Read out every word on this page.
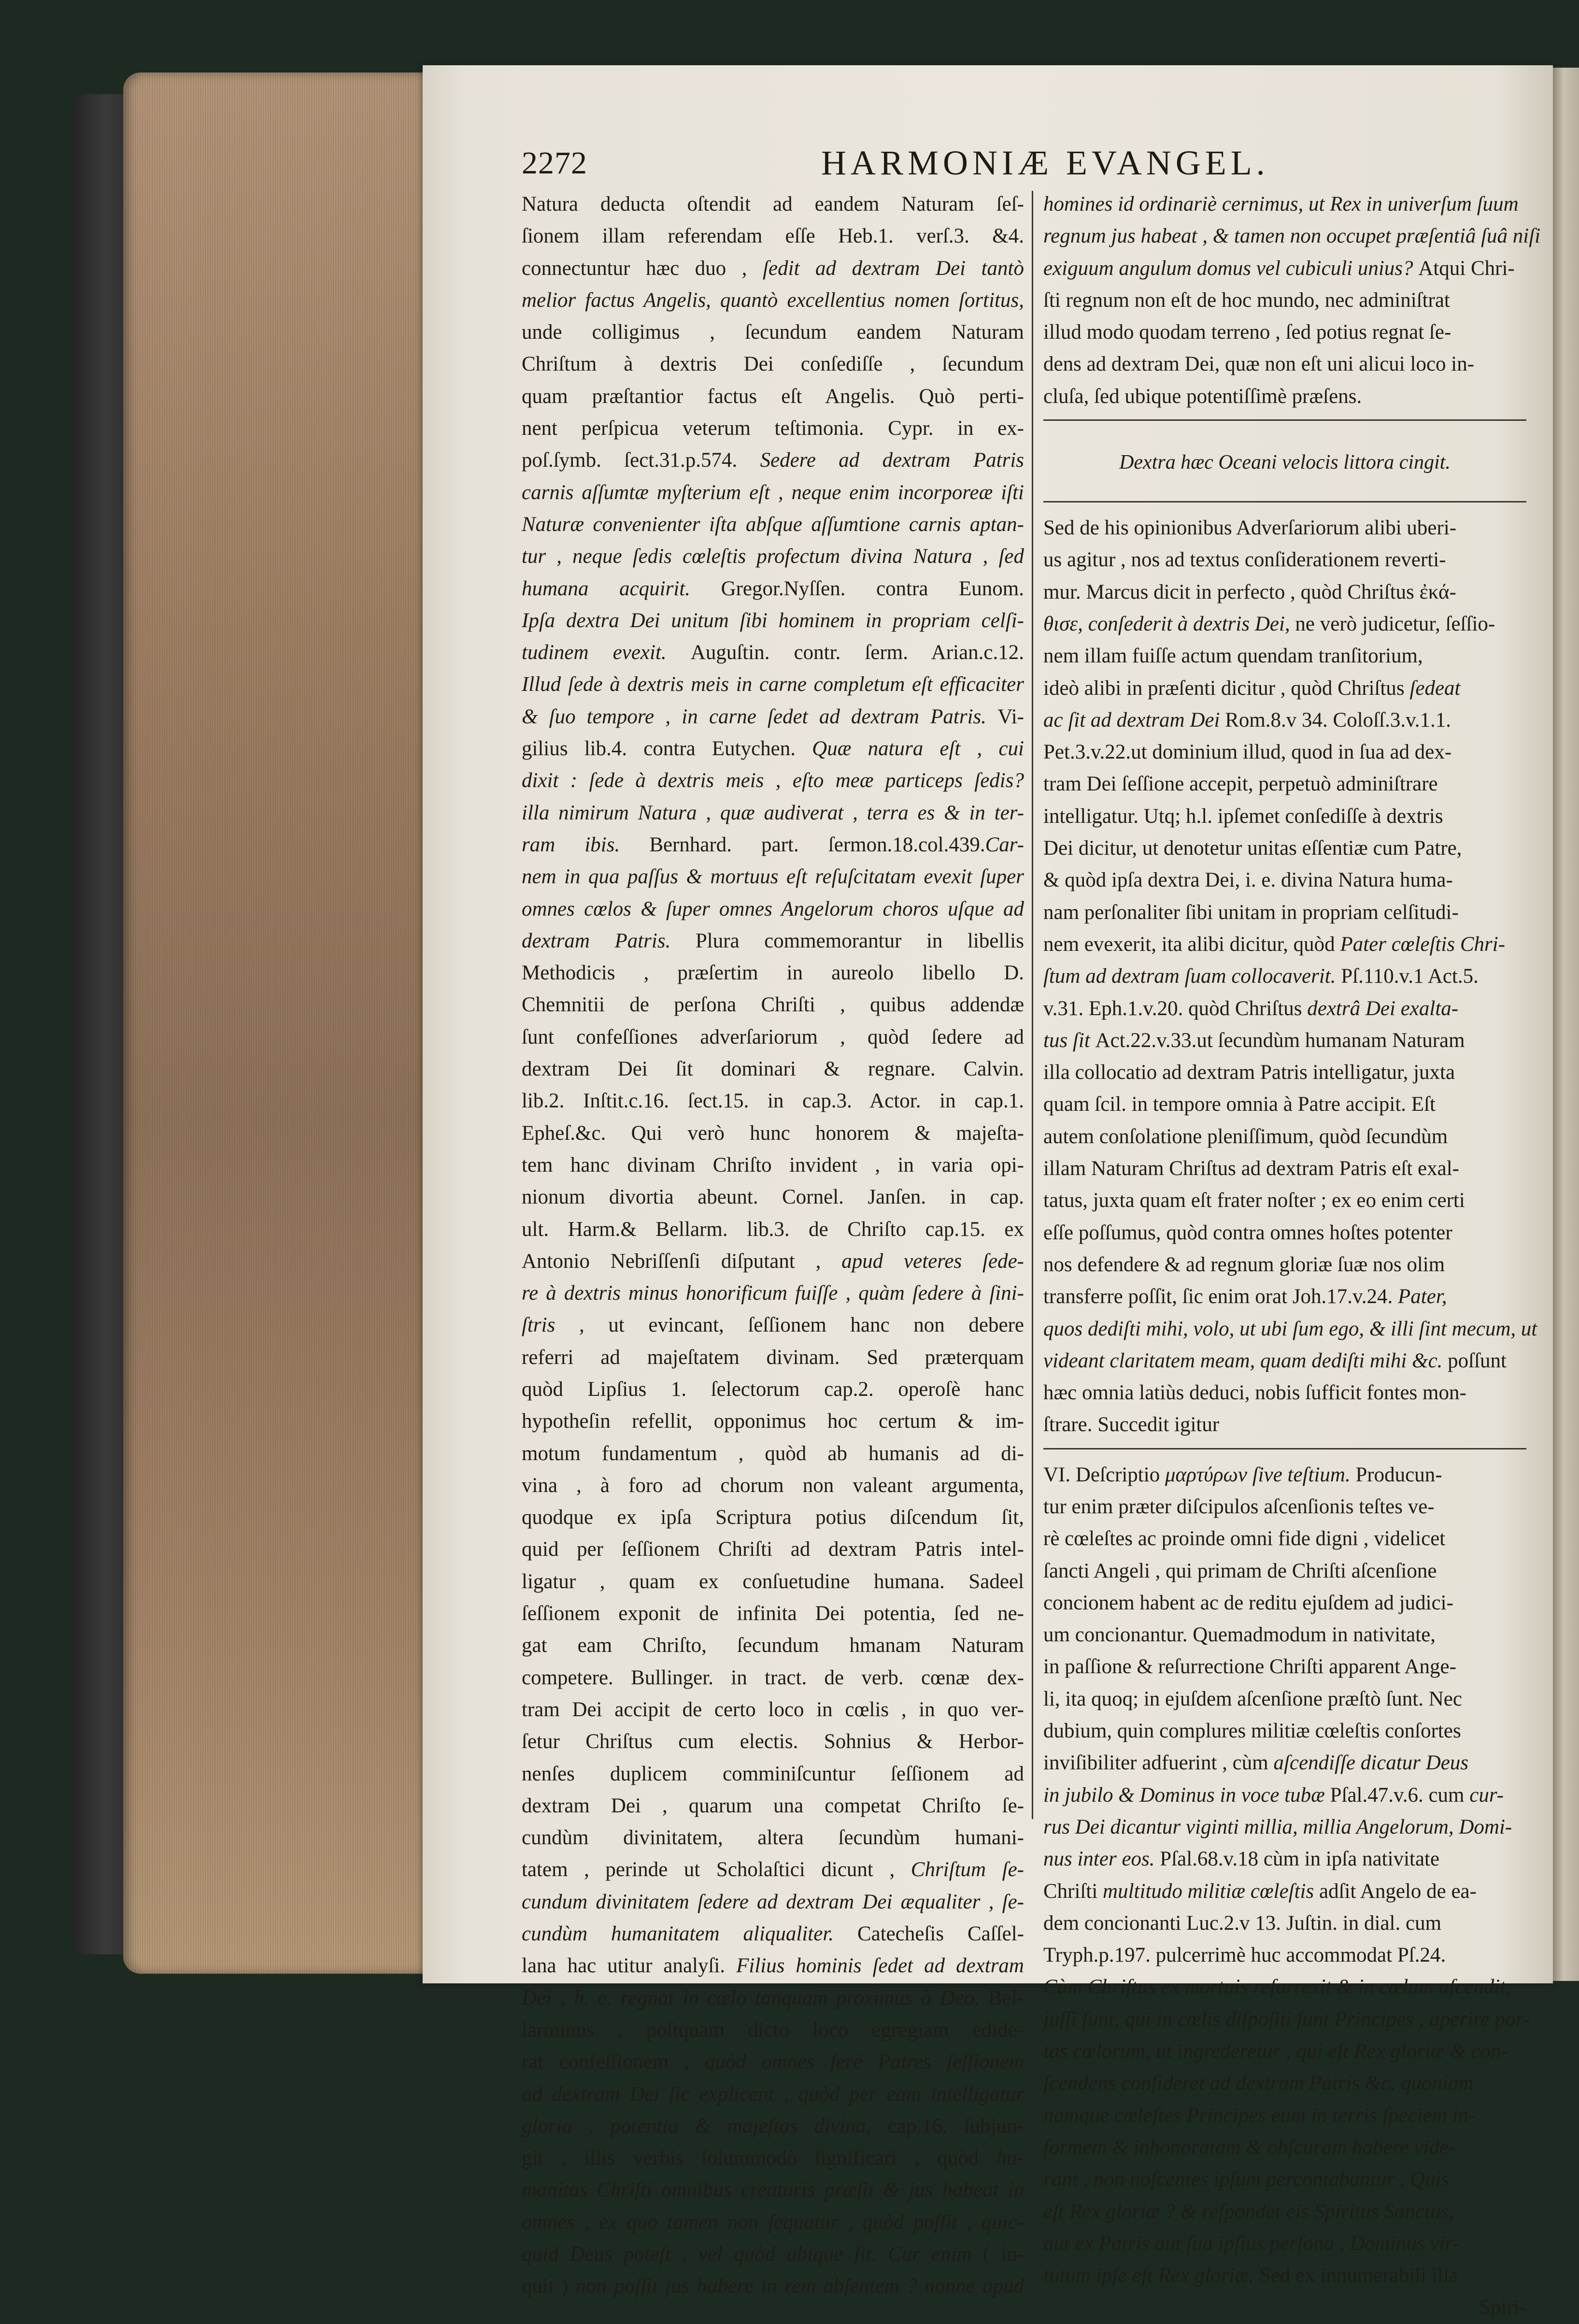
2272	HARMONIÆ EVANGEL.
Natura deducta oſtendit ad eandem Naturam ſeſ-
ſionem illam referendam eſſe Heb.1. verſ.3. &4.
connectuntur hæc duo , ſedit ad dextram Dei tantò
melior factus Angelis, quantò excellentius nomen ſortitus,
unde colligimus , ſecundum eandem Naturam
Chriſtum à dextris Dei conſediſſe , ſecundum
quam præſtantior factus eſt Angelis. Quò perti-
nent perſpicua veterum teſtimonia. Cypr. in ex-
poſ.ſymb. ſect.31.p.574. Sedere ad dextram Patris
carnis aſſumtæ myſterium eſt , neque enim incorporeæ iſti
Naturæ convenienter iſta abſque aſſumtione carnis aptan-
tur , neque ſedis cœleſtis profectum divina Natura , ſed
humana acquirit. Gregor.Nyſſen. contra Eunom.
Ipſa dextra Dei unitum ſibi hominem in propriam celſi-
tudinem evexit. Auguſtin. contr. ſerm. Arian.c.12.
Illud ſede à dextris meis in carne completum eſt efficaciter
& ſuo tempore , in carne ſedet ad dextram Patris. Vi-
gilius lib.4. contra Eutychen. Quæ natura eſt , cui
dixit : ſede à dextris meis , eſto meæ particeps ſedis?
illa nimirum Natura , quæ audiverat , terra es & in ter-
ram ibis. Bernhard. part. ſermon.18.col.439.Car-
nem in qua paſſus & mortuus eſt reſuſcitatam evexit ſuper
omnes cœlos & ſuper omnes Angelorum choros uſque ad
dextram Patris. Plura commemorantur in libellis
Methodicis , præſertim in aureolo libello D.
Chemnitii de perſona Chriſti , quibus addendæ
ſunt confeſſiones adverſariorum , quòd ſedere ad
dextram Dei ſit dominari & regnare. Calvin.
lib.2. Inſtit.c.16. ſect.15. in cap.3. Actor. in cap.1.
Epheſ.&c. Qui verò hunc honorem & majeſta-
tem hanc divinam Chriſto invident , in varia opi-
nionum divortia abeunt. Cornel. Janſen. in cap.
ult. Harm.& Bellarm. lib.3. de Chriſto cap.15. ex
Antonio Nebriſſenſi diſputant , apud veteres ſede-
re à dextris minus honorificum fuiſſe , quàm ſedere à ſini-
ſtris , ut evincant, ſeſſionem hanc non debere
referri ad majeſtatem divinam. Sed præterquam
quòd Lipſius 1. ſelectorum cap.2. operoſè hanc
hypotheſin refellit, opponimus hoc certum & im-
motum fundamentum , quòd ab humanis ad di-
vina , à foro ad chorum non valeant argumenta,
quodque ex ipſa Scriptura potius diſcendum ſit,
quid per ſeſſionem Chriſti ad dextram Patris intel-
ligatur , quam ex conſuetudine humana. Sadeel
ſeſſionem exponit de infinita Dei potentia, ſed ne-
gat eam Chriſto, ſecundum hmanam Naturam
competere. Bullinger. in tract. de verb. cœnæ dex-
tram Dei accipit de certo loco in cœlis , in quo ver-
ſetur Chriſtus cum electis. Sohnius & Herbor-
nenſes duplicem comminiſcuntur ſeſſionem ad
dextram Dei , quarum una competat Chriſto ſe-
cundùm divinitatem, altera ſecundùm humani-
tatem , perinde ut Scholaſtici dicunt , Chriſtum ſe-
cundum divinitatem ſedere ad dextram Dei æqualiter , ſe-
cundùm humanitatem aliqualiter. Catecheſis Caſſel-
lana hac utitur analyſi. Filius hominis ſedet ad dextram
Dei , h. e. regnat in cœlo tanquam proximus à Deo. Bel-
larminus , poſtquam dicto loco egregiam edide-
rat confeſſionem , quòd omnes ferè Patres ſeſſionem
ad dextram Dei ſic explicent , quòd per eam intelligatur
gloria , potentia & majeſtas divina, cap.16. ſubjun-
git , illis verbis ſolummodò ſignificari , quòd hu-
manitas Chriſti omnibus creaturis præſit & jus habeat in
omnes , ex quo tamen non ſequatur , quòd poſſit , quic-
quid Deus poteſt , vel quòd ubique ſit. Cur enim ( in-
quit ) non poſſit jus habere in rem abſentem ? nonne apud
homines id ordinariè cernimus, ut Rex in univerſum ſuum
regnum jus habeat , & tamen non occupet præſentiâ ſuâ niſi
exiguum angulum domus vel cubiculi unius? Atqui Chri-
ſti regnum non eſt de hoc mundo, nec adminiſtrat
illud modo quodam terreno , ſed potius regnat ſe-
dens ad dextram Dei, quæ non eſt uni alicui loco in-
cluſa, ſed ubique potentiſſimè præſens.
Dextra hæc Oceani velocis littora cingit.
Sed de his opinionibus Adverſariorum alibi uberi-
us agitur , nos ad textus conſiderationem reverti-
mur. Marcus dicit in perfecto , quòd Chriſtus ἐκά-
θισε, conſederit à dextris Dei, ne verò judicetur, ſeſſio-
nem illam fuiſſe actum quendam tranſitorium,
ideò alibi in præſenti dicitur , quòd Chriſtus ſedeat
ac ſit ad dextram Dei Rom.8.v 34. Coloſſ.3.v.1.1.
Pet.3.v.22.ut dominium illud, quod in ſua ad dex-
tram Dei ſeſſione accepit, perpetuò adminiſtrare
intelligatur. Utq; h.l. ipſemet conſediſſe à dextris
Dei dicitur, ut denotetur unitas eſſentiæ cum Patre,
& quòd ipſa dextra Dei, i. e. divina Natura huma-
nam perſonaliter ſibi unitam in propriam celſitudi-
nem evexerit, ita alibi dicitur, quòd Pater cœleſtis Chri-
ſtum ad dextram ſuam collocaverit. Pſ.110.v.1 Act.5.
v.31. Eph.1.v.20. quòd Chriſtus dextrâ Dei exalta-
tus ſit Act.22.v.33.ut ſecundùm humanam Naturam
illa collocatio ad dextram Patris intelligatur, juxta
quam ſcil. in tempore omnia à Patre accipit. Eſt
autem conſolatione pleniſſimum, quòd ſecundùm
illam Naturam Chriſtus ad dextram Patris eſt exal-
tatus, juxta quam eſt frater noſter ; ex eo enim certi
eſſe poſſumus, quòd contra omnes hoſtes potenter
nos defendere & ad regnum gloriæ ſuæ nos olim
transferre poſſit, ſic enim orat Joh.17.v.24. Pater,
quos dediſti mihi, volo, ut ubi ſum ego, & illi ſint mecum, ut
videant claritatem meam, quam dediſti mihi &c. poſſunt
hæc omnia latiùs deduci, nobis ſufficit fontes mon-
ſtrare. Succedit igitur
VI. Deſcriptio μαρτύρων ſive teſtium. Producun-
tur enim præter diſcipulos aſcenſionis teſtes ve-
rè cœleſtes ac proinde omni fide digni , videlicet
ſancti Angeli , qui primam de Chriſti aſcenſione
concionem habent ac de reditu ejuſdem ad judici-
um concionantur. Quemadmodum in nativitate,
in paſſione & reſurrectione Chriſti apparent Ange-
li, ita quoq; in ejuſdem aſcenſione præſtò ſunt. Nec
dubium, quin complures militiæ cœleſtis conſortes
inviſibiliter adfuerint , cùm aſcendiſſe dicatur Deus
in jubilo & Dominus in voce tubæ Pſal.47.v.6. cum cur-
rus Dei dicantur viginti millia, millia Angelorum, Domi-
nus inter eos. Pſal.68.v.18 cùm in ipſa nativitate
Chriſti multitudo militiæ cœleſtis adſit Angelo de ea-
dem concionanti Luc.2.v 13. Juſtin. in dial. cum
Tryph.p.197. pulcerrimè huc accommodat Pſ.24.
Cùm Chriſtus ex mortuis reſurrexit & in cœlum aſcendit,
juſſi ſunt, qui in cœlis diſpoſiti ſunt Principes , aperire por-
tas cœlorum, ut ingrederetur , qui eſt Rex gloriæ & con-
ſcendens conſideret ad dextram Patris &c. quoniam
namque cœleſtes Principes eum in terris ſpeciem in-
formem & inhonoratam & obſcuram habere vide-
rant , non noſcentes ipſum percontabantur , Quis
eſt Rex gloriæ ? & reſpondet eis Spiritus Sanctus,
aut ex Patris aut ſua ipſius perſona , Dominus vir-
tutum ipſe eſt Rex gloriæ. Sed ex innumerabili illa
Spiri-
